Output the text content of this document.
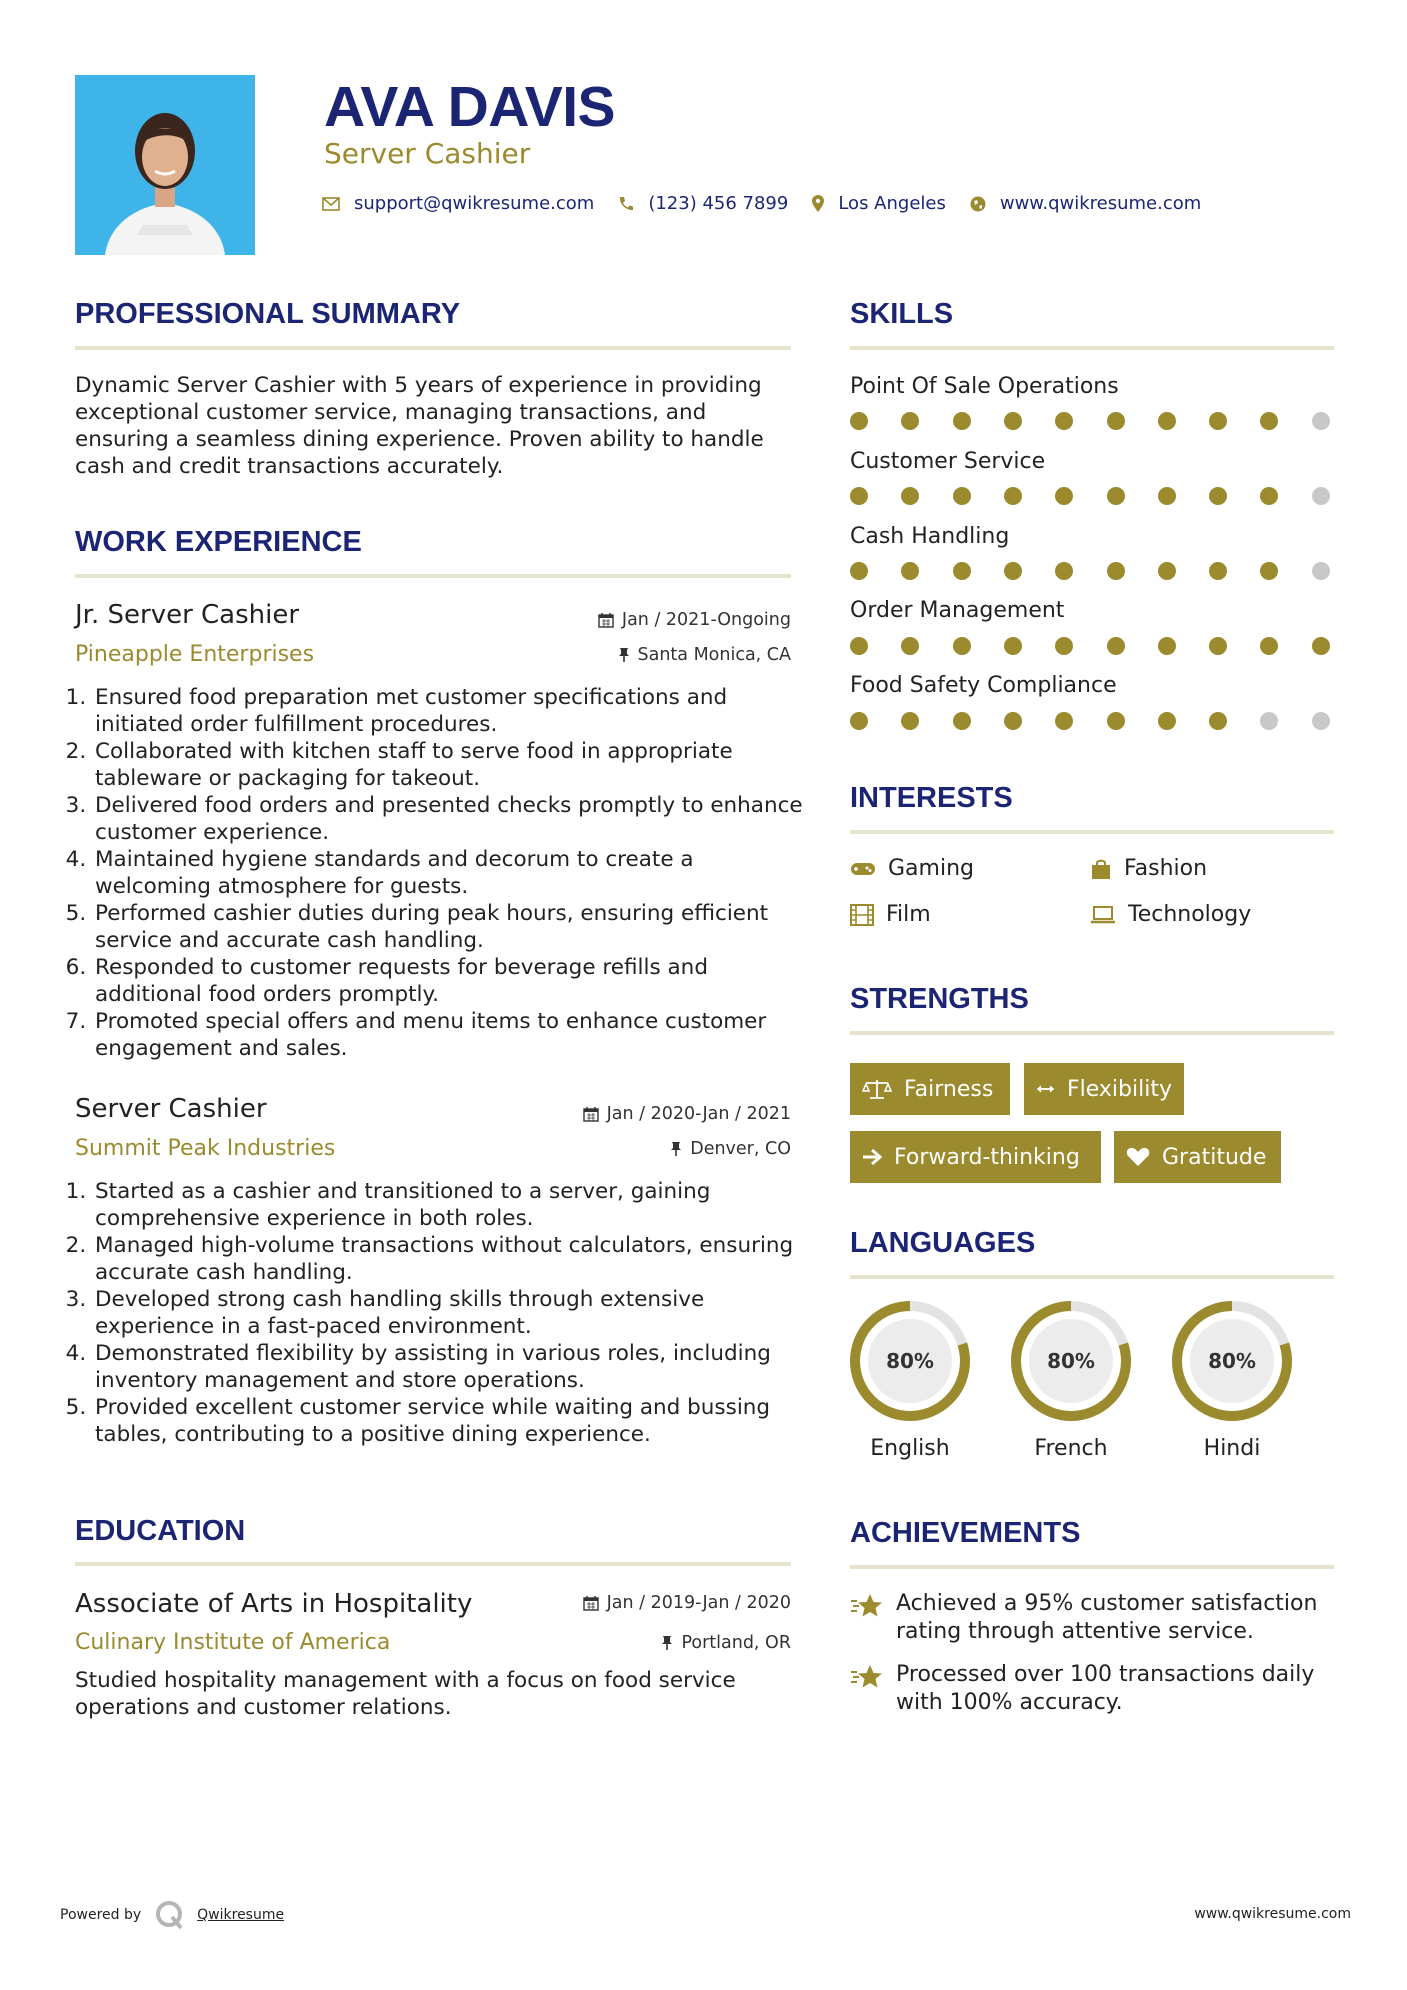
AVA DAVIS

Server Cashier

support@qwikresume.com	(123) 456 7899	Los Angeles	www.qwikresume.com
PROFESSIONAL SUMMARY

Dynamic Server Cashier with 5 years of experience in providing exceptional customer service, managing transactions, and ensuring a seamless dining experience. Proven ability to handle cash and credit transactions accurately.

WORK EXPERIENCE
Jr. Server Cashier	Jan / 2021-Ongoing
Pineapple Enterprises	Santa Monica, CA
1. Ensured food preparation met customer specifications and initiated order fulfillment procedures.
2. Collaborated with kitchen staff to serve food in appropriate tableware or packaging for takeout.
3. Delivered food orders and presented checks promptly to enhance customer experience.
4. Maintained hygiene standards and decorum to create a welcoming atmosphere for guests.
5. Performed cashier duties during peak hours, ensuring efficient service and accurate cash handling.
6. Responded to customer requests for beverage refills and additional food orders promptly.
7. Promoted special offers and menu items to enhance customer engagement and sales.
Server Cashier	Jan / 2020-Jan / 2021
Summit Peak Industries	Denver, CO
1. Started as a cashier and transitioned to a server, gaining comprehensive experience in both roles.
2. Managed high-volume transactions without calculators, ensuring accurate cash handling.
3. Developed strong cash handling skills through extensive experience in a fast-paced environment.
4. Demonstrated flexibility by assisting in various roles, including inventory management and store operations.
5. Provided excellent customer service while waiting and bussing tables, contributing to a positive dining experience.
EDUCATION
Associate of Arts in Hospitality	Jan / 2019-Jan / 2020
Culinary Institute of America	Portland, OR

Studied hospitality management with a focus on food service operations and customer relations.

SKILLS
Point Of Sale Operations
Customer Service
Cash Handling
Order Management
Food Safety Compliance
INTERESTS
Gaming	Fashion
Film	Technology
STRENGTHS
Fairness	Flexibility
Forward-thinking	Gratitude
LANGUAGES
80%
English
80%
French
80%
Hindi
ACHIEVEMENTS
Achieved a 95% customer satisfaction rating through attentive service.
Processed over 100 transactions daily with 100% accuracy.
Powered by	Qwikresume	www.qwikresume.com
